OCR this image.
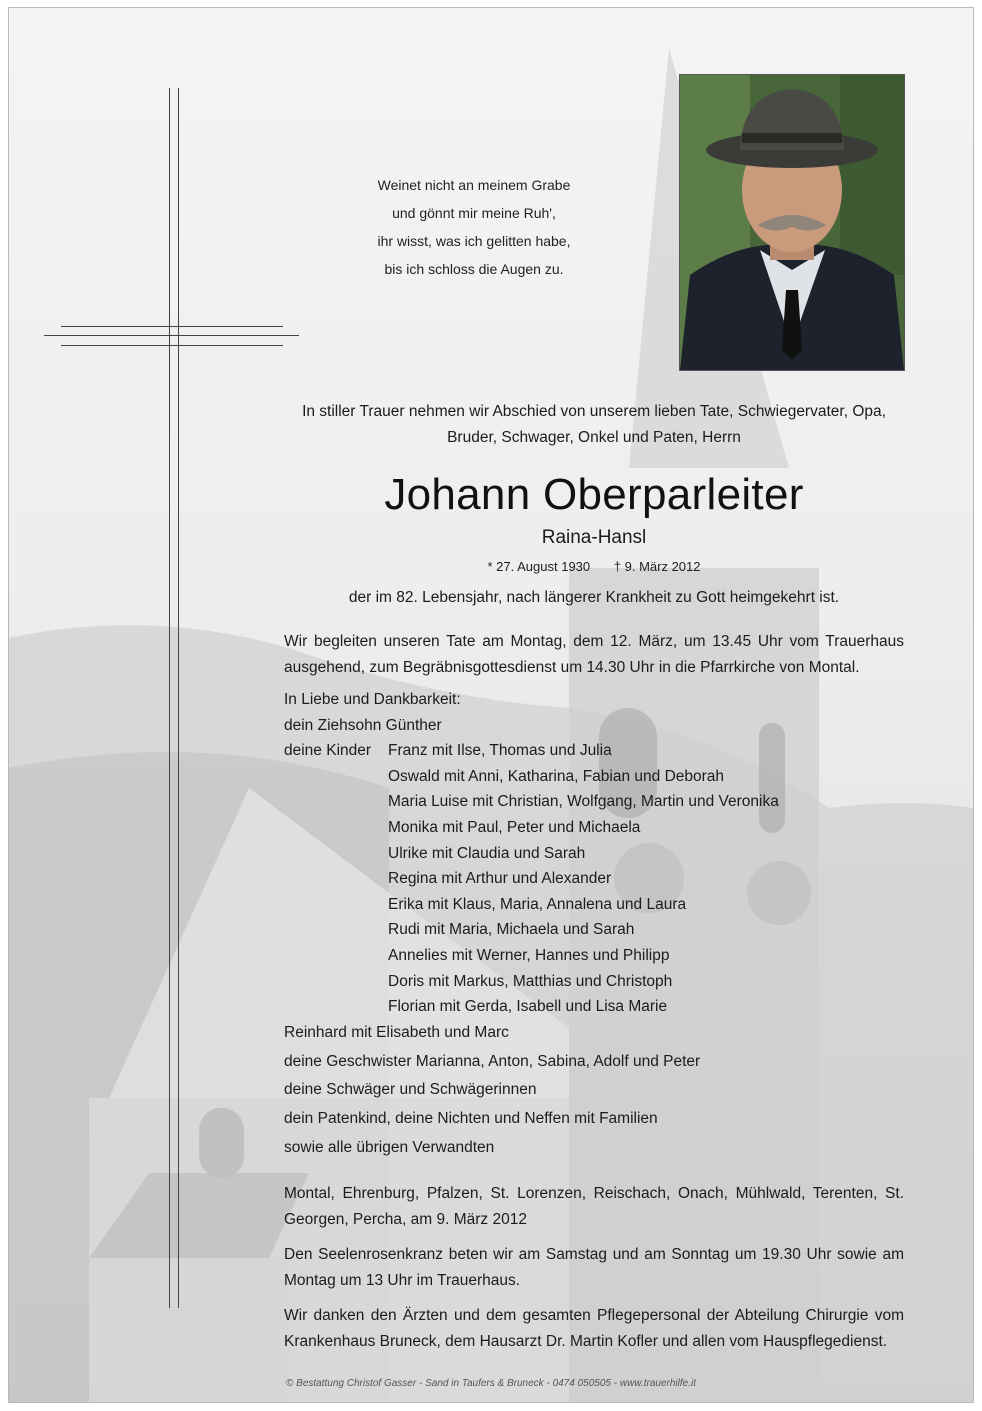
Weinet nicht an meinem Grabe
und gönnt mir meine Ruh',
ihr wisst, was ich gelitten habe,
bis ich schloss die Augen zu.
In stiller Trauer nehmen wir Abschied von unserem lieben Tate, Schwiegervater, Opa,
Bruder, Schwager, Onkel und Paten, Herrn
Johann Oberparleiter
Raina-Hansl
* 27. August 1930 † 9. März 2012
der im 82. Lebensjahr, nach längerer Krankheit zu Gott heimgekehrt ist.
Wir begleiten unseren Tate am Montag, dem 12. März, um 13.45 Uhr vom Trauerhaus ausgehend, zum Begräbnisgottesdienst um 14.30 Uhr in die Pfarrkirche von Montal.
In Liebe und Dankbarkeit:
dein Ziehsohn Günther
deine Kinder Franz mit Ilse, Thomas und Julia
Oswald mit Anni, Katharina, Fabian und Deborah
Maria Luise mit Christian, Wolfgang, Martin und Veronika
Monika mit Paul, Peter und Michaela
Ulrike mit Claudia und Sarah
Regina mit Arthur und Alexander
Erika mit Klaus, Maria, Annalena und Laura
Rudi mit Maria, Michaela und Sarah
Annelies mit Werner, Hannes und Philipp
Doris mit Markus, Matthias und Christoph
Florian mit Gerda, Isabell und Lisa Marie
Reinhard mit Elisabeth und Marc
deine Geschwister Marianna, Anton, Sabina, Adolf und Peter
deine Schwäger und Schwägerinnen
dein Patenkind, deine Nichten und Neffen mit Familien
sowie alle übrigen Verwandten
Montal, Ehrenburg, Pfalzen, St. Lorenzen, Reischach, Onach, Mühlwald, Terenten, St. Georgen, Percha, am 9. März 2012
Den Seelenrosenkranz beten wir am Samstag und am Sonntag um 19.30 Uhr sowie am Montag um 13 Uhr im Trauerhaus.
Wir danken den Ärzten und dem gesamten Pflegepersonal der Abteilung Chirurgie vom Krankenhaus Bruneck, dem Hausarzt Dr. Martin Kofler und allen vom Hauspflegedienst.
© Bestattung Christof Gasser - Sand in Taufers & Bruneck - 0474 050505 - www.trauerhilfe.it
